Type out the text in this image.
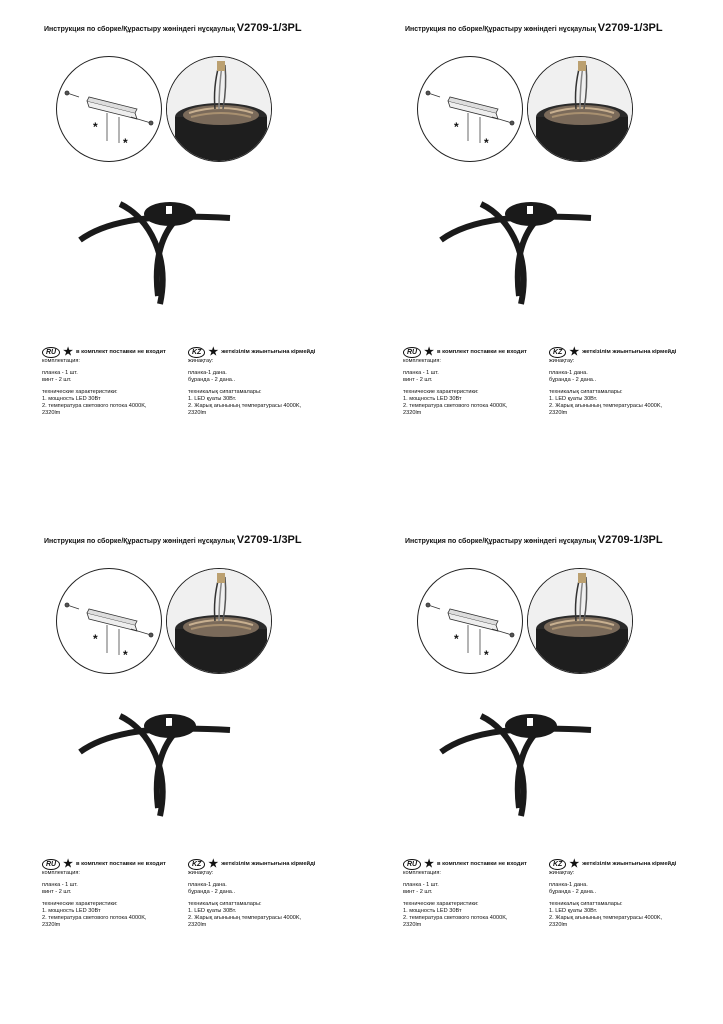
Инструкция по сборке/Құрастыру жөніндегі нұсқаулық V2709-1/3PL
*
*
RU ★ в комплект поставки не входит
комплектация:
планка - 1 шт.
винт - 2 шт.
технические характеристики:
1. мощность LED 30Вт
2. температура светового потока 4000K,
2320lm
KZ ★ жеткізілім жиынтығына кірмейді
жинақтау:
планка-1 дана.
бұранда - 2 дана..
техникалық сипаттамалары:
1. LED қуаты 30Вт.
2. Жарық ағынының температурасы 4000K,
2320lm
Инструкция по сборке/Құрастыру жөніндегі нұсқаулық V2709-1/3PL
*
*
RU ★ в комплект поставки не входит
комплектация:
планка - 1 шт.
винт - 2 шт.
технические характеристики:
1. мощность LED 30Вт
2. температура светового потока 4000K,
2320lm
KZ ★ жеткізілім жиынтығына кірмейді
жинақтау:
планка-1 дана.
бұранда - 2 дана..
техникалық сипаттамалары:
1. LED қуаты 30Вт.
2. Жарық ағынының температурасы 4000K,
2320lm
Инструкция по сборке/Құрастыру жөніндегі нұсқаулық V2709-1/3PL
*
*
RU ★ в комплект поставки не входит
комплектация:
планка - 1 шт.
винт - 2 шт.
технические характеристики:
1. мощность LED 30Вт
2. температура светового потока 4000K,
2320lm
KZ ★ жеткізілім жиынтығына кірмейді
жинақтау:
планка-1 дана.
бұранда - 2 дана..
техникалық сипаттамалары:
1. LED қуаты 30Вт.
2. Жарық ағынының температурасы 4000K,
2320lm
Инструкция по сборке/Құрастыру жөніндегі нұсқаулық V2709-1/3PL
*
*
RU ★ в комплект поставки не входит
комплектация:
планка - 1 шт.
винт - 2 шт.
технические характеристики:
1. мощность LED 30Вт
2. температура светового потока 4000K,
2320lm
KZ ★ жеткізілім жиынтығына кірмейді
жинақтау:
планка-1 дана.
бұранда - 2 дана..
техникалық сипаттамалары:
1. LED қуаты 30Вт.
2. Жарық ағынының температурасы 4000K,
2320lm
